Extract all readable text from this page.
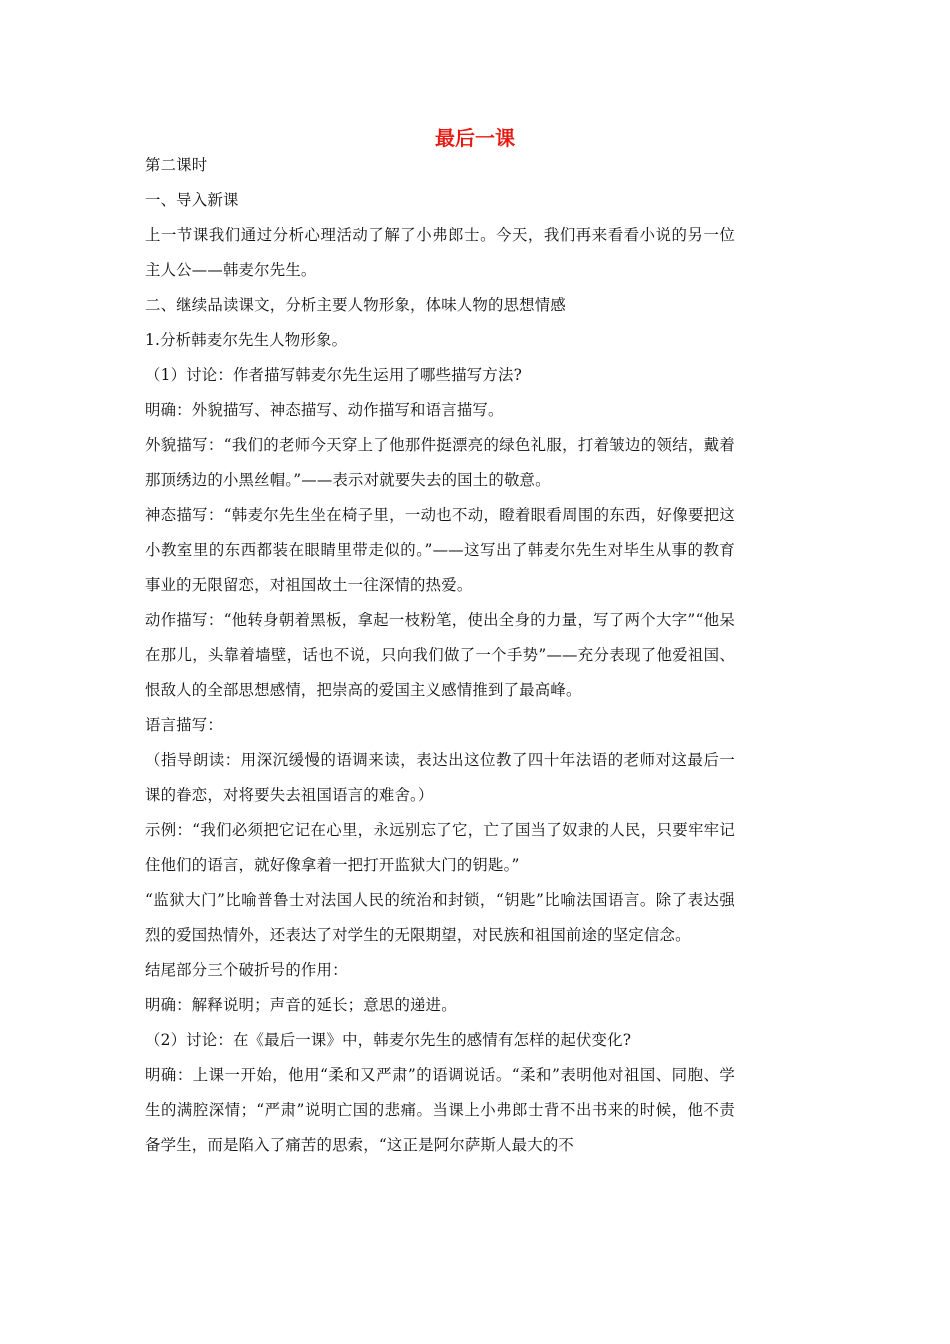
最后一课

第二课时

一、导入新课

上一节课我们通过分析心理活动了解了小弗郎士。今天，我们再来看看小说的另一位主人公——韩麦尔先生。

二、继续品读课文，分析主要人物形象，体味人物的思想情感

1.分析韩麦尔先生人物形象。

（1）讨论：作者描写韩麦尔先生运用了哪些描写方法?

明确：外貌描写、神态描写、动作描写和语言描写。

外貌描写：“我们的老师今天穿上了他那件挺漂亮的绿色礼服，打着皱边的领结，戴着那顶绣边的小黑丝帽。”——表示对就要失去的国土的敬意。

神态描写：“韩麦尔先生坐在椅子里，一动也不动，瞪着眼看周围的东西，好像要把这小教室里的东西都装在眼睛里带走似的。”——这写出了韩麦尔先生对毕生从事的教育事业的无限留恋，对祖国故土一往深情的热爱。

动作描写：“他转身朝着黑板，拿起一枝粉笔，使出全身的力量，写了两个大字”“他呆在那儿，头靠着墙壁，话也不说，只向我们做了一个手势”——充分表现了他爱祖国、恨敌人的全部思想感情，把崇高的爱国主义感情推到了最高峰。

语言描写：

（指导朗读：用深沉缓慢的语调来读，表达出这位教了四十年法语的老师对这最后一课的眷恋，对将要失去祖国语言的难舍。）

示例：“我们必须把它记在心里，永远别忘了它，亡了国当了奴隶的人民，只要牢牢记住他们的语言，就好像拿着一把打开监狱大门的钥匙。”

“监狱大门”比喻普鲁士对法国人民的统治和封锁，“钥匙”比喻法国语言。除了表达强烈的爱国热情外，还表达了对学生的无限期望，对民族和祖国前途的坚定信念。

结尾部分三个破折号的作用：

明确：解释说明；声音的延长；意思的递进。

（2）讨论：在《最后一课》中，韩麦尔先生的感情有怎样的起伏变化?

明确：上课一开始，他用“柔和又严肃”的语调说话。“柔和”表明他对祖国、同胞、学生的满腔深情；“严肃”说明亡国的悲痛。当课上小弗郎士背不出书来的时候，他不责备学生，而是陷入了痛苦的思索，“这正是阿尔萨斯人最大的不
